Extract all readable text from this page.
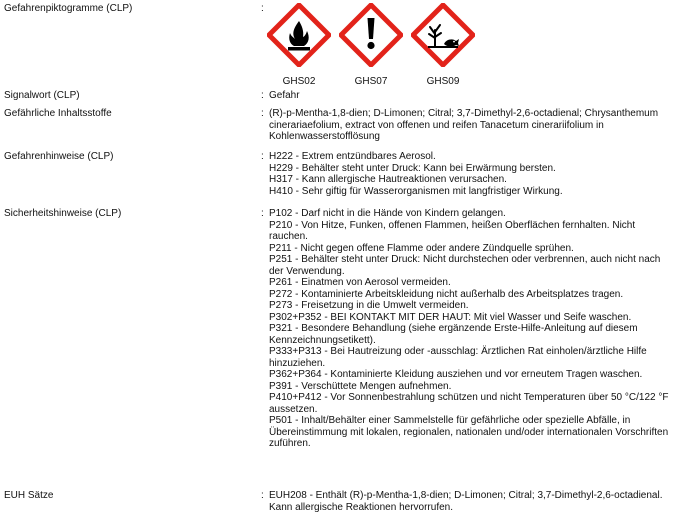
Gefahrenpiktogramme (CLP)	:
GHS02	GHS07	GHS09
Signalwort (CLP)	: Gefahr
Gefährliche Inhaltsstoffe	: (R)-p-Mentha-1,8-dien; D-Limonen; Citral; 3,7-Dimethyl-2,6-octadienal; Chrysanthemum
cinerariaefolium, extract von offenen und reifen Tanacetum cinerariifolium in
Kohlenwasserstofflösung
Gefahrenhinweise (CLP)	: H222 - Extrem entzündbares Aerosol.
H229 - Behälter steht unter Druck: Kann bei Erwärmung bersten.
H317 - Kann allergische Hautreaktionen verursachen.
H410 - Sehr giftig für Wasserorganismen mit langfristiger Wirkung.
Sicherheitshinweise (CLP)	: P102 - Darf nicht in die Hände von Kindern gelangen.
P210 - Von Hitze, Funken, offenen Flammen, heißen Oberflächen fernhalten. Nicht
rauchen.
P211 - Nicht gegen offene Flamme oder andere Zündquelle sprühen.
P251 - Behälter steht unter Druck: Nicht durchstechen oder verbrennen, auch nicht nach
der Verwendung.
P261 - Einatmen von Aerosol vermeiden.
P272 - Kontaminierte Arbeitskleidung nicht außerhalb des Arbeitsplatzes tragen.
P273 - Freisetzung in die Umwelt vermeiden.
P302+P352 - BEI KONTAKT MIT DER HAUT: Mit viel Wasser und Seife waschen.
P321 - Besondere Behandlung (siehe ergänzende Erste-Hilfe-Anleitung auf diesem
Kennzeichnungsetikett).
P333+P313 - Bei Hautreizung oder -ausschlag: Ärztlichen Rat einholen/ärztliche Hilfe
hinzuziehen.
P362+P364 - Kontaminierte Kleidung ausziehen und vor erneutem Tragen waschen.
P391 - Verschüttete Mengen aufnehmen.
P410+P412 - Vor Sonnenbestrahlung schützen und nicht Temperaturen über 50 °C/122 °F
aussetzen.
P501 - Inhalt/Behälter einer Sammelstelle für gefährliche oder spezielle Abfälle, in
Übereinstimmung mit lokalen, regionalen, nationalen und/oder internationalen Vorschriften
zuführen.
EUH Sätze	: EUH208 - Enthält (R)-p-Mentha-1,8-dien; D-Limonen; Citral; 3,7-Dimethyl-2,6-octadienal.
Kann allergische Reaktionen hervorrufen.
